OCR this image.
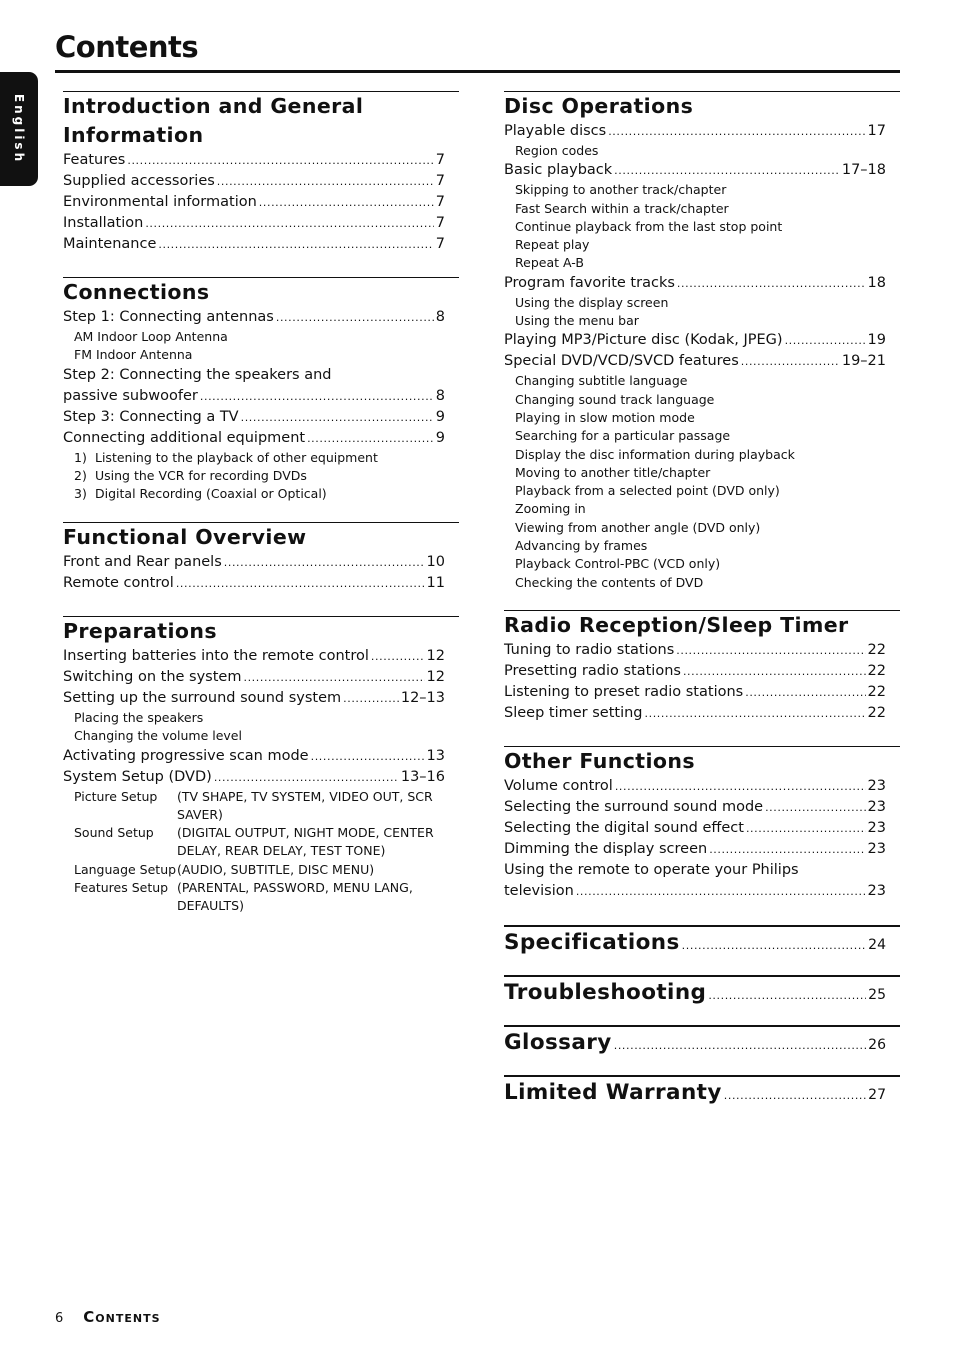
Contents
English Introduction and General Information
Features .....	7
Supplied accessories .....	7
Environmental information .....	7
Installation .....	7
Maintenance .....	7
Connections
Step 1: Connecting antennas .....	8
AM Indoor Loop Antenna
FM Indoor Antenna
Step 2: Connecting the speakers and
passive subwoofer .....	8
Step 3: Connecting a TV .....	9
Connecting additional equipment .....	9
1) Listening to the playback of other equipment
2) Using the VCR for recording DVDs
3) Digital Recording (Coaxial or Optical)
Functional Overview
Front and Rear panels .....	10
Remote control .....	11
Preparations
Inserting batteries into the remote control .....	12
Switching on the system .....	12
Setting up the surround sound system .....	12–13
Placing the speakers
Changing the volume level
Activating progressive scan mode .....	13
System Setup (DVD) .....	13–16
Picture Setup	(TV SHAPE, TV SYSTEM, VIDEO OUT, SCR SAVER)
Sound Setup	(DIGITAL OUTPUT, NIGHT MODE, CENTER DELAY, REAR DELAY, TEST TONE)
Language Setup (AUDIO, SUBTITLE, DISC MENU)
Features Setup (PARENTAL, PASSWORD, MENU LANG, DEFAULTS)
Disc Operations
Playable discs .....	17
Region codes
Basic playback .....	17–18
Skipping to another track/chapter
Fast Search within a track/chapter
Continue playback from the last stop point
Repeat play
Repeat A-B
Program favorite tracks .....	18
Using the display screen
Using the menu bar
Playing MP3/Picture disc (Kodak, JPEG) .....	19
Special DVD/VCD/SVCD features .....	19–21
Changing subtitle language
Changing sound track language
Playing in slow motion mode
Searching for a particular passage
Display the disc information during playback
Moving to another title/chapter
Playback from a selected point (DVD only)
Zooming in
Viewing from another angle (DVD only)
Advancing by frames
Playback Control-PBC (VCD only)
Checking the contents of DVD
Radio Reception/Sleep Timer
Tuning to radio stations .....	22
Presetting radio stations .....	22
Listening to preset radio stations .....	22
Sleep timer setting .....	22
Other Functions
Volume control .....	23
Selecting the surround sound mode .....	23
Selecting the digital sound effect .....	23
Dimming the display screen .....	23
Using the remote to operate your Philips
television .....	23
Specifications .....	24
Troubleshooting .....	25
Glossary .....	26
Limited Warranty .....	27
6 Contents
